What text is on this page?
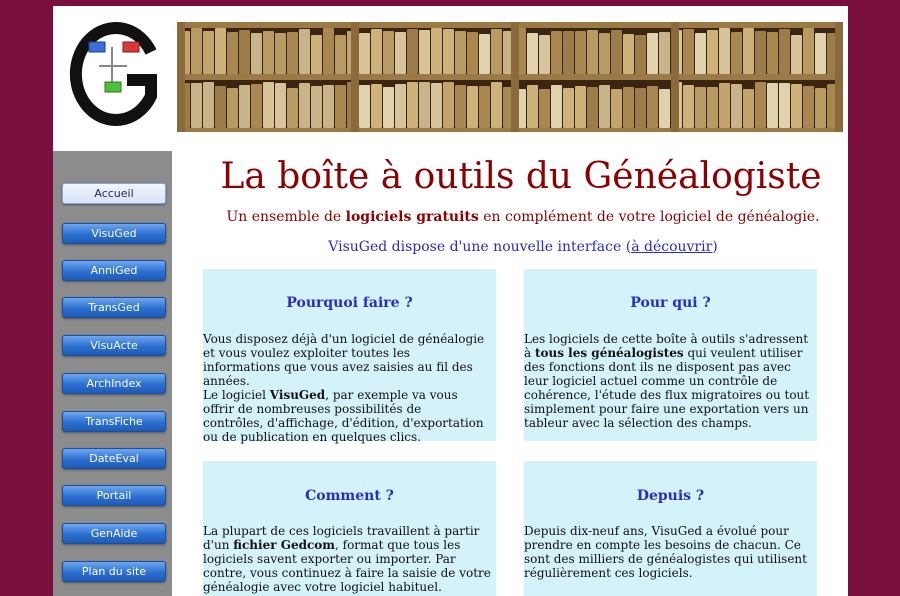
Accueil
VisuGed
AnniGed
TransGed
VisuActe
ArchIndex
TransFiche
DateEval
Portail
GenAide
Plan du site
La boîte à outils du Généalogiste
Un ensemble de logiciels gratuits en complément de votre logiciel de généalogie.
VisuGed dispose d'une nouvelle interface (à découvrir)
Pourquoi faire ?

Vous disposez déjà d'un logiciel de généalogie et vous voulez exploiter toutes les informations que vous avez saisies au fil des années.
Le logiciel VisuGed, par exemple va vous offrir de nombreuses possibilités de contrôles, d'affichage, d'édition, d'exportation ou de publication en quelques clics.

Pour qui ?

Les logiciels de cette boîte à outils s'adressent à tous les généalogistes qui veulent utiliser des fonctions dont ils ne disposent pas avec leur logiciel actuel comme un contrôle de cohérence, l'étude des flux migratoires ou tout simplement pour faire une exportation vers un tableur avec la sélection des champs.

Comment ?

La plupart de ces logiciels travaillent à partir d'un fichier Gedcom, format que tous les logiciels savent exporter ou importer. Par contre, vous continuez à faire la saisie de votre généalogie avec votre logiciel habituel.

Depuis ?

Depuis dix-neuf ans, VisuGed a évolué pour prendre en compte les besoins de chacun. Ce sont des milliers de généalogistes qui utilisent régulièrement ces logiciels.
